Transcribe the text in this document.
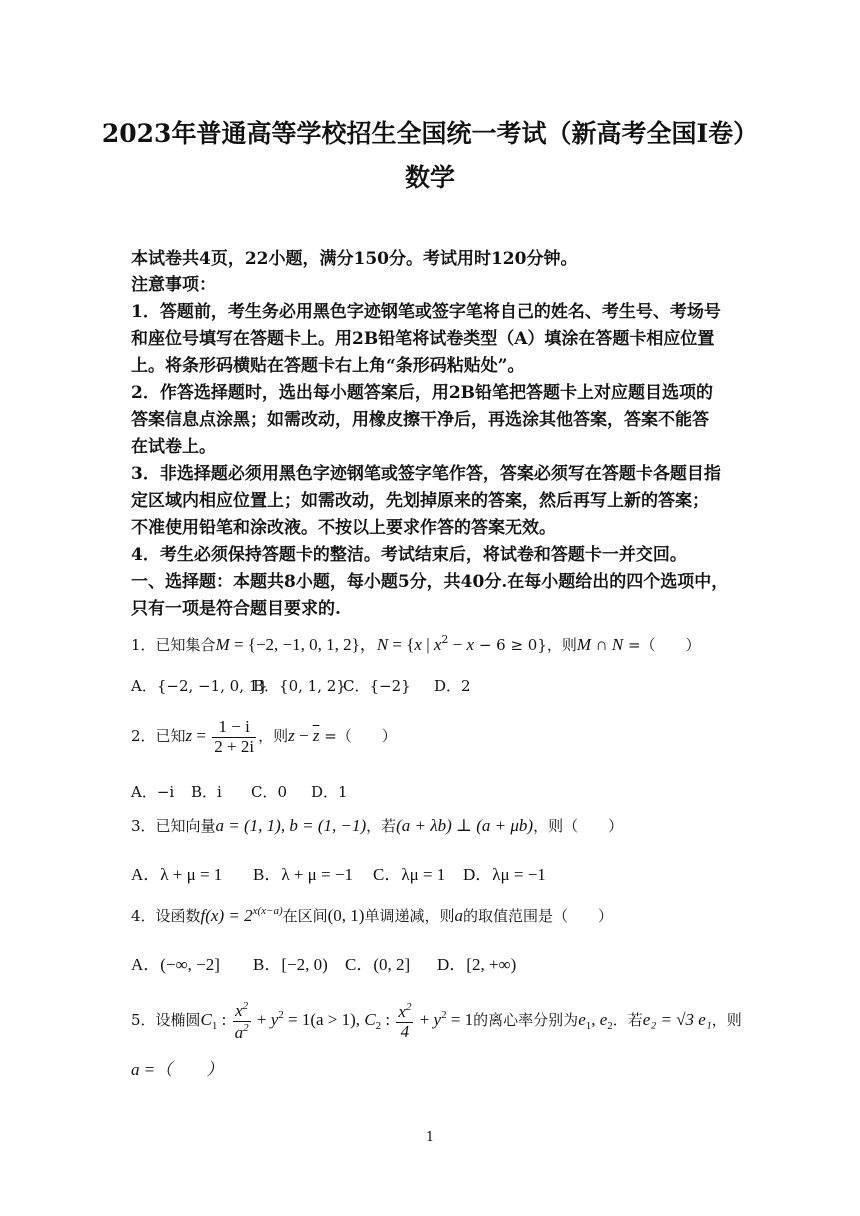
2023年普通高等学校招生全国统一考试（新高考全国Ⅰ卷）
数学
本试卷共4页，22小题，满分150分。考试用时120分钟。
注意事项：
1．答题前，考生务必用黑色字迹钢笔或签字笔将自己的姓名、考生号、考场号
和座位号填写在答题卡上。用2B铅笔将试卷类型（A）填涂在答题卡相应位置
上。将条形码横贴在答题卡右上角“条形码粘贴处”。
2．作答选择题时，选出每小题答案后，用2B铅笔把答题卡上对应题目选项的
答案信息点涂黑；如需改动，用橡皮擦干净后，再选涂其他答案，答案不能答
在试卷上。
3．非选择题必须用黑色字迹钢笔或签字笔作答，答案必须写在答题卡各题目指
定区域内相应位置上；如需改动，先划掉原来的答案，然后再写上新的答案；
不准使用铅笔和涂改液。不按以上要求作答的答案无效。
4．考生必须保持答题卡的整洁。考试结束后，将试卷和答题卡一并交回。
一、选择题：本题共8小题，每小题5分，共40分.在每小题给出的四个选项中，
只有一项是符合题目要求的.
1．已知集合M = {−2, −1, 0, 1, 2}，N = {x | $x^2 - x - 6 \ge 0$}，则M ∩ N =（　　）
A．{−2, −1, 0, 1}B．{0, 1, 2}C．{−2} D．2
2．已知$z = \frac{1 - i}{2 + 2i}$ ，则$z - \overline{z}$ =（　　）
A．−i B．i C．0 D．1
3．已知向量a = (1, 1), b = (1, −1)，若(a + λb) ⊥ (a + μb)，则（　　）
A．λ + μ = 1 B．λ + μ = −1 C．λμ = 1 D．λμ = −1
4．设函数$f(x) = 2^{x(x-a)}$在区间(0, 1)单调递减，则a的取值范围是（　　）
A．(−∞, −2] B．[−2, 0) C．(0, 2] D．[2, +∞)
5．设椭圆$C_1$ : $\frac{x^2}{a^2} + y^2 = 1(a > 1)$, $C_2$ : $\frac{x^2}{4} + y^2 = 1$的离心率分别为$e_1$, $e_2$．若e₂ = √3 e₁，则
a =（　　）
1
